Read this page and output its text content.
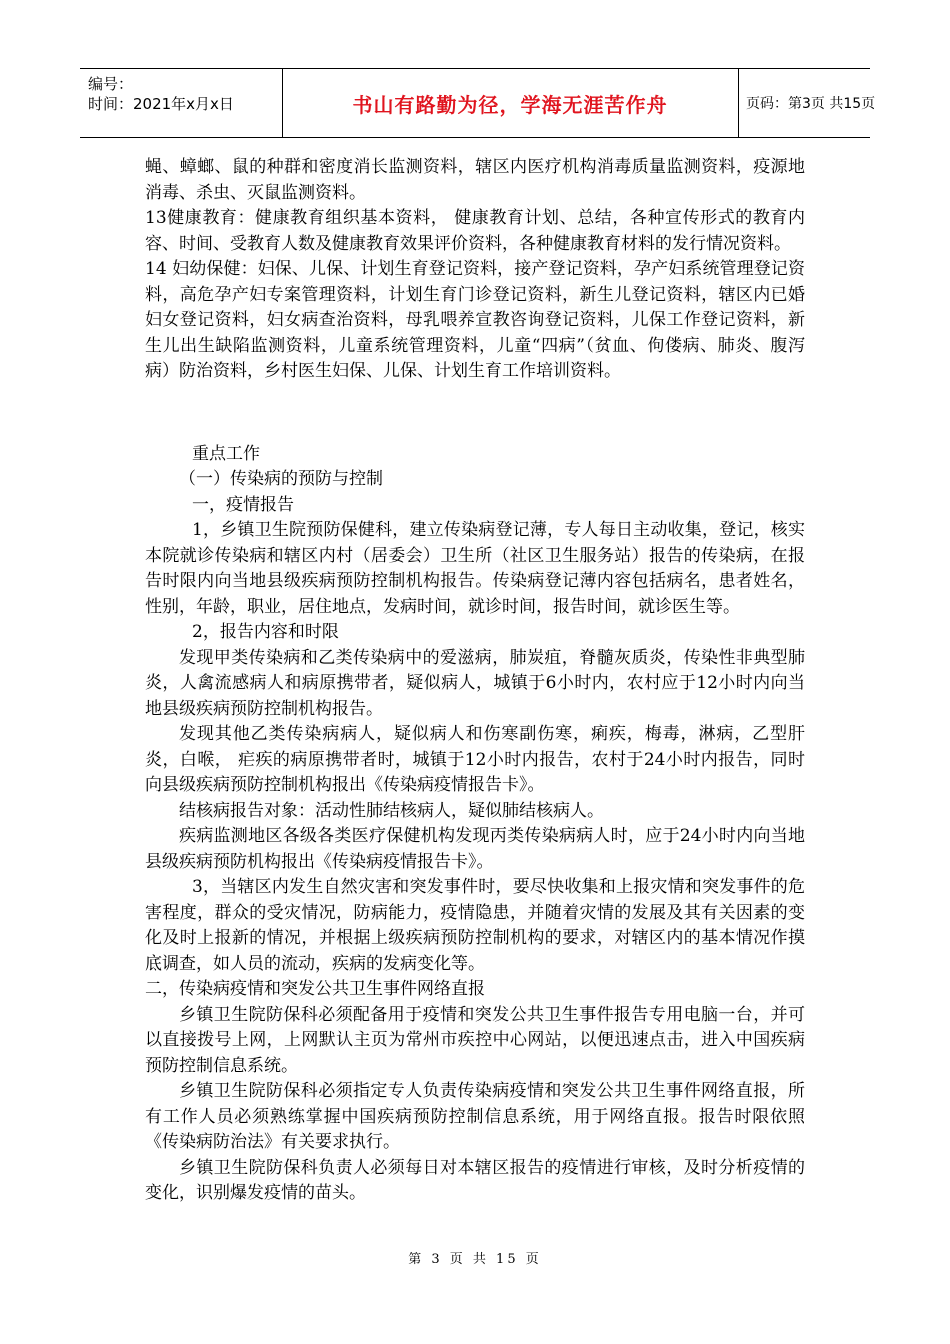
编号：
时间：2021年x月x日	书山有路勤为径，学海无涯苦作舟	页码：第3页 共15页

蝇、蟑螂、鼠的种群和密度消长监测资料，辖区内医疗机构消毒质量监测资料，疫源地消毒、杀虫、灭鼠监测资料。

13健康教育：健康教育组织基本资料， 健康教育计划、总结，各种宣传形式的教育内容、时间、受教育人数及健康教育效果评价资料，各种健康教育材料的发行情况资料。

14 妇幼保健：妇保、儿保、计划生育登记资料，接产登记资料，孕产妇系统管理登记资料，高危孕产妇专案管理资料，计划生育门诊登记资料，新生儿登记资料，辖区内已婚妇女登记资料，妇女病查治资料，母乳喂养宣教咨询登记资料，儿保工作登记资料，新生儿出生缺陷监测资料，儿童系统管理资料，儿童“四病”（贫血、佝偻病、肺炎、腹泻病）防治资料，乡村医生妇保、儿保、计划生育工作培训资料。

重点工作

（一）传染病的预防与控制

一，疫情报告

1，乡镇卫生院预防保健科，建立传染病登记薄，专人每日主动收集，登记，核实本院就诊传染病和辖区内村（居委会）卫生所（社区卫生服务站）报告的传染病，在报告时限内向当地县级疾病预防控制机构报告。传染病登记薄内容包括病名，患者姓名，性别，年龄，职业，居住地点，发病时间，就诊时间，报告时间，就诊医生等。

2，报告内容和时限

发现甲类传染病和乙类传染病中的爱滋病，肺炭疽，脊髓灰质炎，传染性非典型肺炎，人禽流感病人和病原携带者，疑似病人，城镇于6小时内，农村应于12小时内向当地县级疾病预防控制机构报告。

发现其他乙类传染病病人，疑似病人和伤寒副伤寒，痢疾，梅毒，淋病，乙型肝炎，白喉， 疟疾的病原携带者时，城镇于12小时内报告，农村于24小时内报告，同时向县级疾病预防控制机构报出《传染病疫情报告卡》。

结核病报告对象：活动性肺结核病人，疑似肺结核病人。

疾病监测地区各级各类医疗保健机构发现丙类传染病病人时，应于24小时内向当地县级疾病预防机构报出《传染病疫情报告卡》。

3，当辖区内发生自然灾害和突发事件时，要尽快收集和上报灾情和突发事件的危害程度，群众的受灾情况，防病能力，疫情隐患，并随着灾情的发展及其有关因素的变化及时上报新的情况，并根据上级疾病预防控制机构的要求，对辖区内的基本情况作摸底调查，如人员的流动，疾病的发病变化等。

二，传染病疫情和突发公共卫生事件网络直报

乡镇卫生院防保科必须配备用于疫情和突发公共卫生事件报告专用电脑一台，并可以直接拨号上网，上网默认主页为常州市疾控中心网站，以便迅速点击，进入中国疾病预防控制信息系统。

乡镇卫生院防保科必须指定专人负责传染病疫情和突发公共卫生事件网络直报，所有工作人员必须熟练掌握中国疾病预防控制信息系统，用于网络直报。报告时限依照《传染病防治法》有关要求执行。

乡镇卫生院防保科负责人必须每日对本辖区报告的疫情进行审核，及时分析疫情的变化，识别爆发疫情的苗头。

第 3 页 共 15 页
